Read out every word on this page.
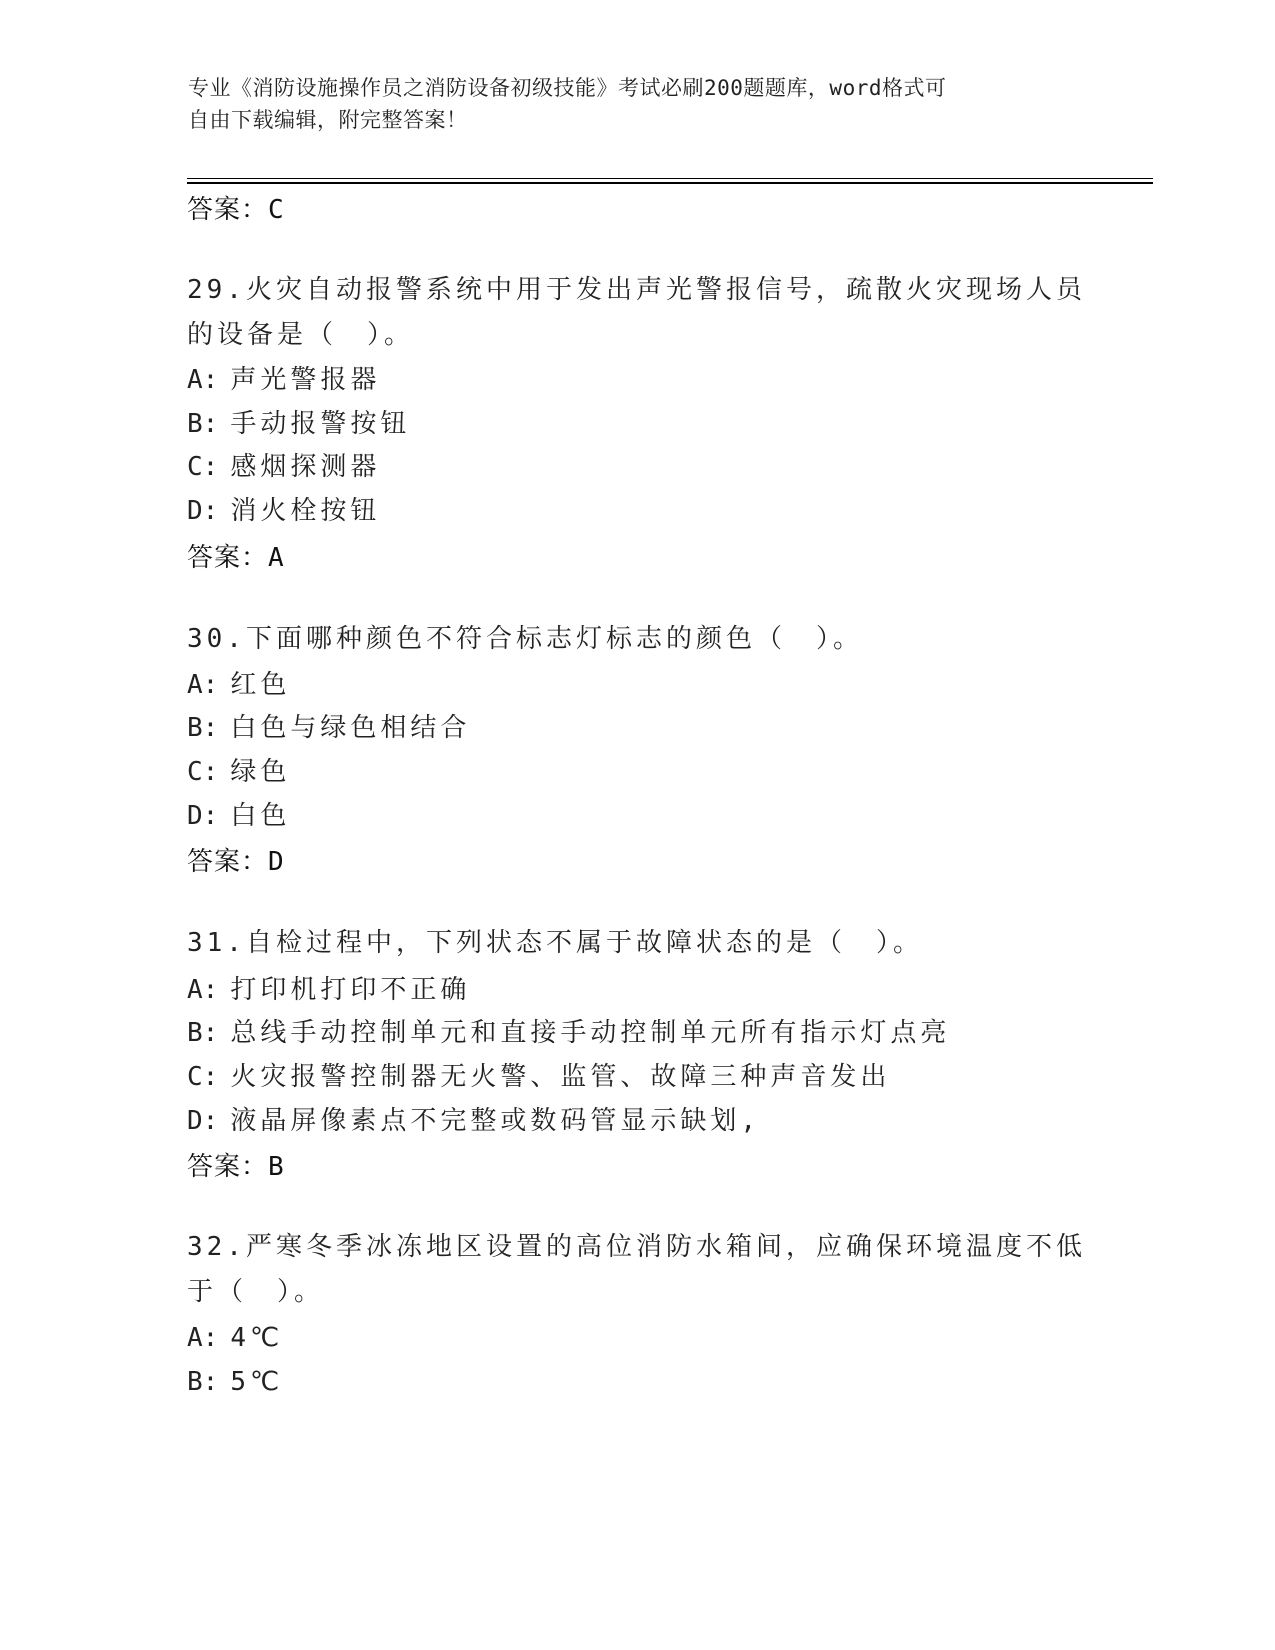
专业《消防设施操作员之消防设备初级技能》考试必刷200题题库，word格式可
自由下载编辑，附完整答案！
答案：C
29.火灾自动报警系统中用于发出声光警报信号，疏散火灾现场人员的设备是（　）。
A: 声光警报器
B: 手动报警按钮
C: 感烟探测器
D: 消火栓按钮
答案：A
30.下面哪种颜色不符合标志灯标志的颜色（　）。
A: 红色
B: 白色与绿色相结合
C: 绿色
D: 白色
答案：D
31.自检过程中，下列状态不属于故障状态的是（　）。
A: 打印机打印不正确
B: 总线手动控制单元和直接手动控制单元所有指示灯点亮
C: 火灾报警控制器无火警、监管、故障三种声音发出
D: 液晶屏像素点不完整或数码管显示缺划,
答案：B
32.严寒冬季冰冻地区设置的高位消防水箱间，应确保环境温度不低于（　）。
A: 4℃
B: 5℃
